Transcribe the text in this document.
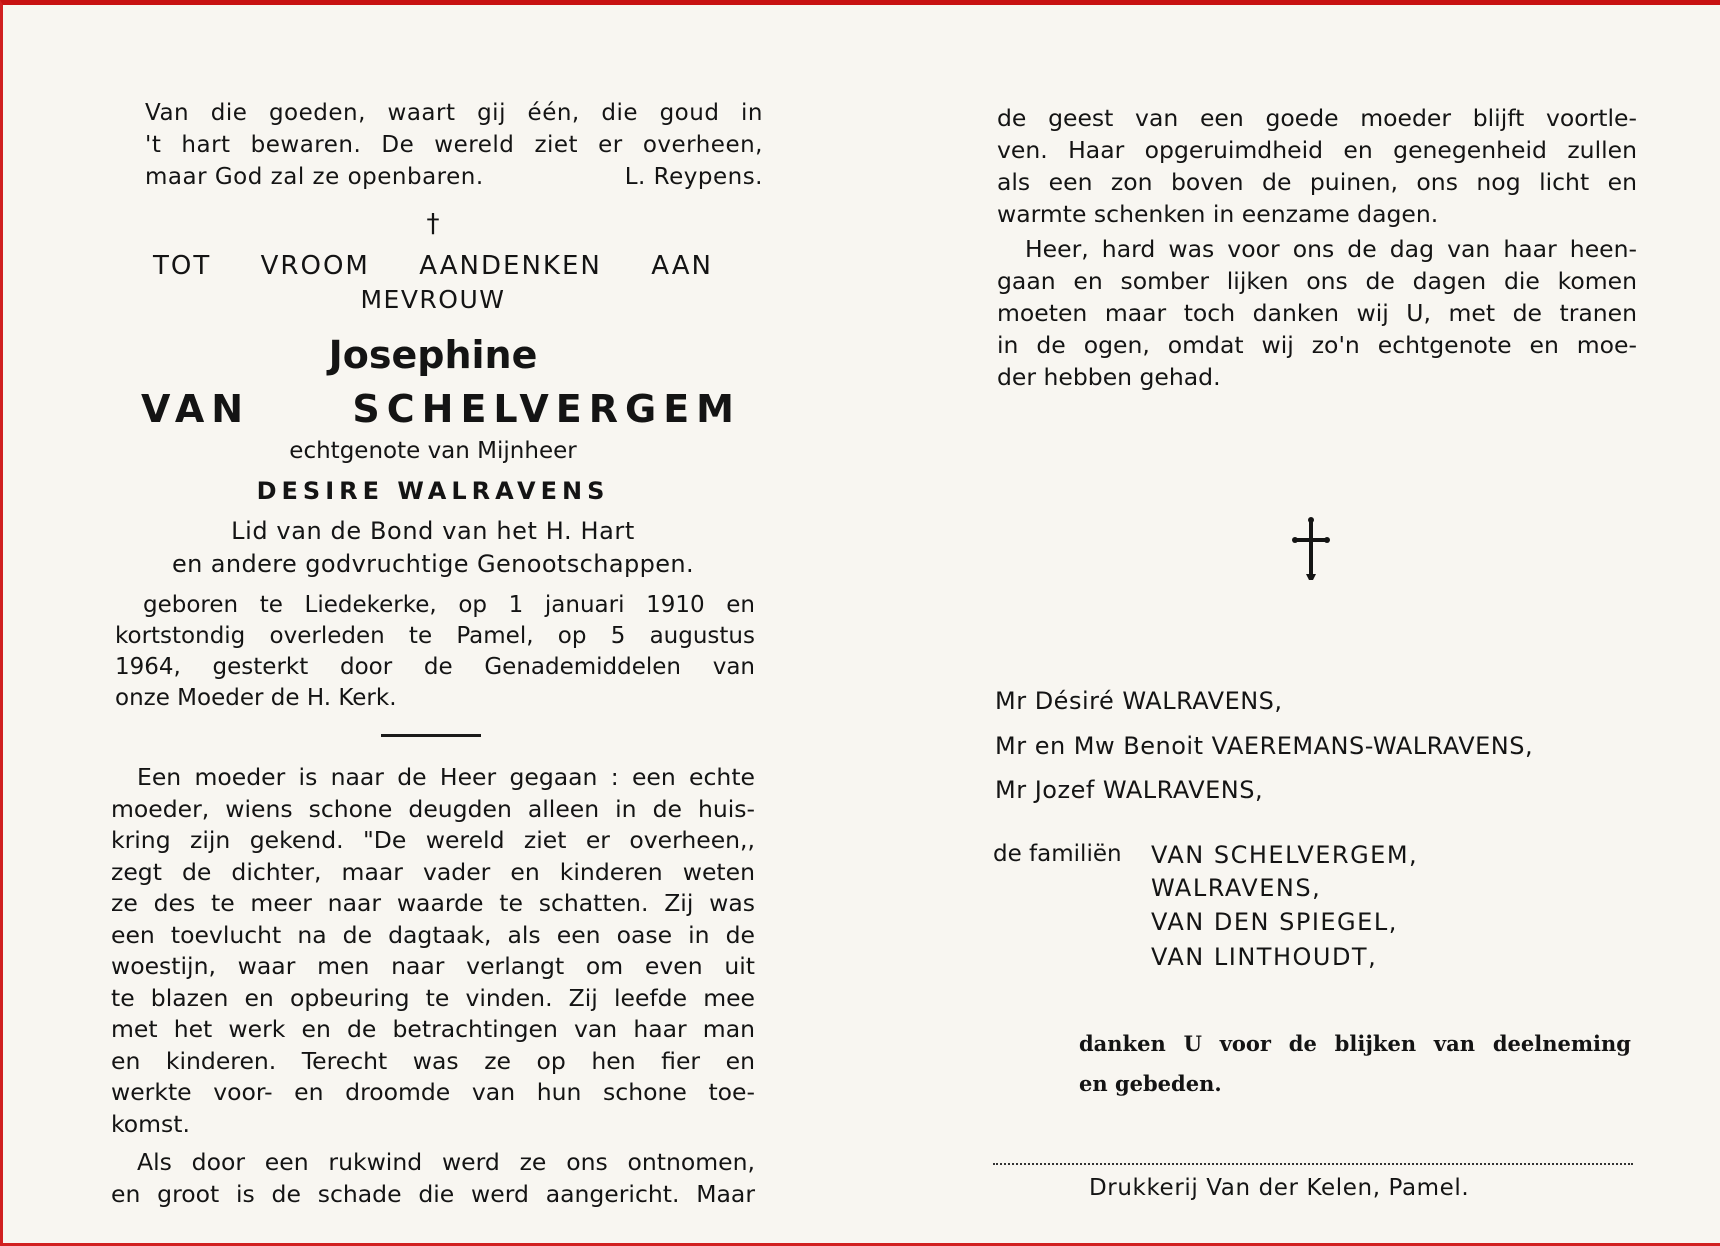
Van die goeden, waart gij één, die goud in
't hart bewaren. De wereld ziet er overheen,
maar God zal ze openbaren.	L. Reypens.
†
TOT VROOM AANDENKEN AAN
MEVROUW
Josephine
VAN SCHELVERGEM
echtgenote van Mijnheer
DESIRE WALRAVENS
Lid van de Bond van het H. Hart
en andere godvruchtige Genootschappen.
geboren te Liedekerke, op 1 januari 1910 en
kortstondig overleden te Pamel, op 5 augustus
1964, gesterkt door de Genademiddelen van
onze Moeder de H. Kerk.
Een moeder is naar de Heer gegaan : een echte
moeder, wiens schone deugden alleen in de huis-
kring zijn gekend. "De wereld ziet er overheen,,
zegt de dichter, maar vader en kinderen weten
ze des te meer naar waarde te schatten. Zij was
een toevlucht na de dagtaak, als een oase in de
woestijn, waar men naar verlangt om even uit
te blazen en opbeuring te vinden. Zij leefde mee
met het werk en de betrachtingen van haar man
en kinderen. Terecht was ze op hen fier en
werkte voor- en droomde van hun schone toe-
komst.
Als door een rukwind werd ze ons ontnomen,
en groot is de schade die werd aangericht. Maar
de geest van een goede moeder blijft voortle-
ven. Haar opgeruimdheid en genegenheid zullen
als een zon boven de puinen, ons nog licht en
warmte schenken in eenzame dagen.
Heer, hard was voor ons de dag van haar heen-
gaan en somber lijken ons de dagen die komen
moeten maar toch danken wij U, met de tranen
in de ogen, omdat wij zo'n echtgenote en moe-
der hebben gehad.
Mr Désiré WALRAVENS,
Mr en Mw Benoit VAEREMANS-WALRAVENS,
Mr Jozef WALRAVENS,
de familiën VAN SCHELVERGEM,
WALRAVENS,
VAN DEN SPIEGEL,
VAN LINTHOUDT,
danken U voor de blijken van deelneming
en gebeden.
Drukkerij Van der Kelen, Pamel.
